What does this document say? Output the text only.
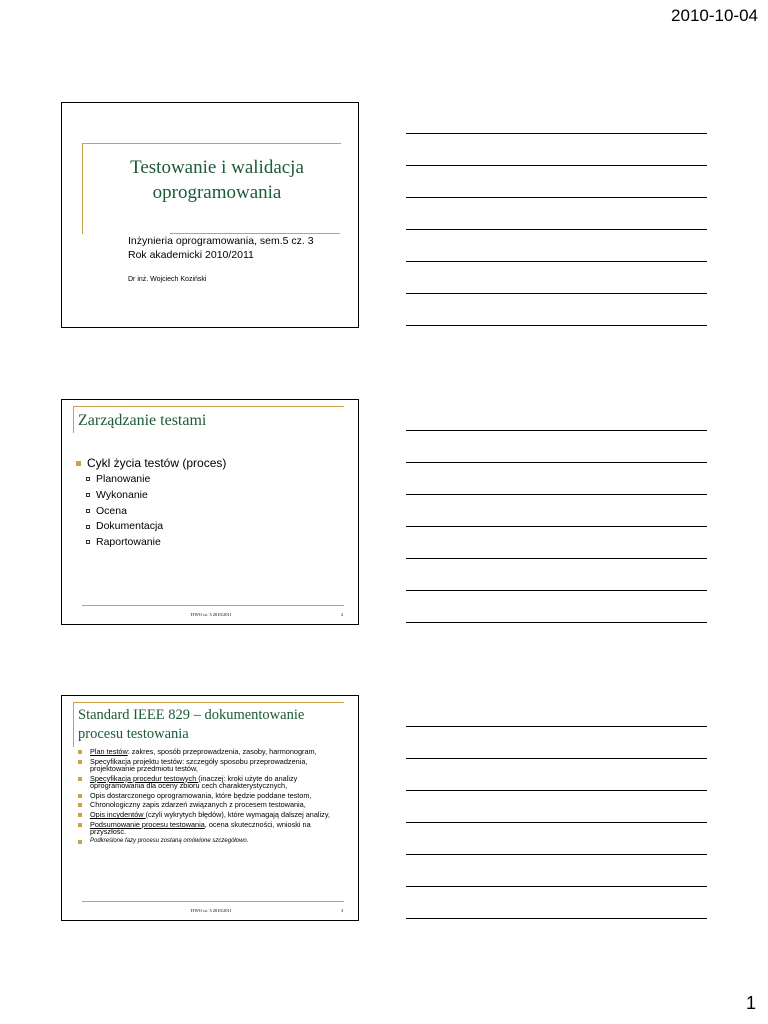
2010-10-04
Testowanie i walidacja
oprogramowania
Inżynieria oprogramowania, sem.5 cz. 3
Rok akademicki 2010/2011
Dr inż. Wojciech Koziński
Zarządzanie testami
Cykl życia testów (proces)
Planowanie
Wykonanie
Ocena
Dokumentacja
Raportowanie
TIWO cz. 3 2010/2011	2
Standard IEEE 829 – dokumentowanie
procesu testowania
Plan testów: zakres, sposób przeprowadzenia, zasoby, harmonogram,
Specyfikacja projektu testów: szczegóły sposobu przeprowadzenia, projektowanie przedmiotu testów,
Specyfikacja procedur testowych (inaczej: kroki użyte do analizy oprogramowania dla oceny zbioru cech charakterystycznych,
Opis dostarczonego oprogramowania, które będzie poddane testom,
Chronologiczny zapis zdarzeń związanych z procesem testowania,
Opis incydentów (czyli wykrytych błędów), które wymagają dalszej analizy,
Podsumowanie procesu testowania, ocena skuteczności, wnioski na przyszłość.
Podkreślone fazy procesu zostaną omówione szczegółowo.
TIWO cz. 3 2010/2011	3
1
